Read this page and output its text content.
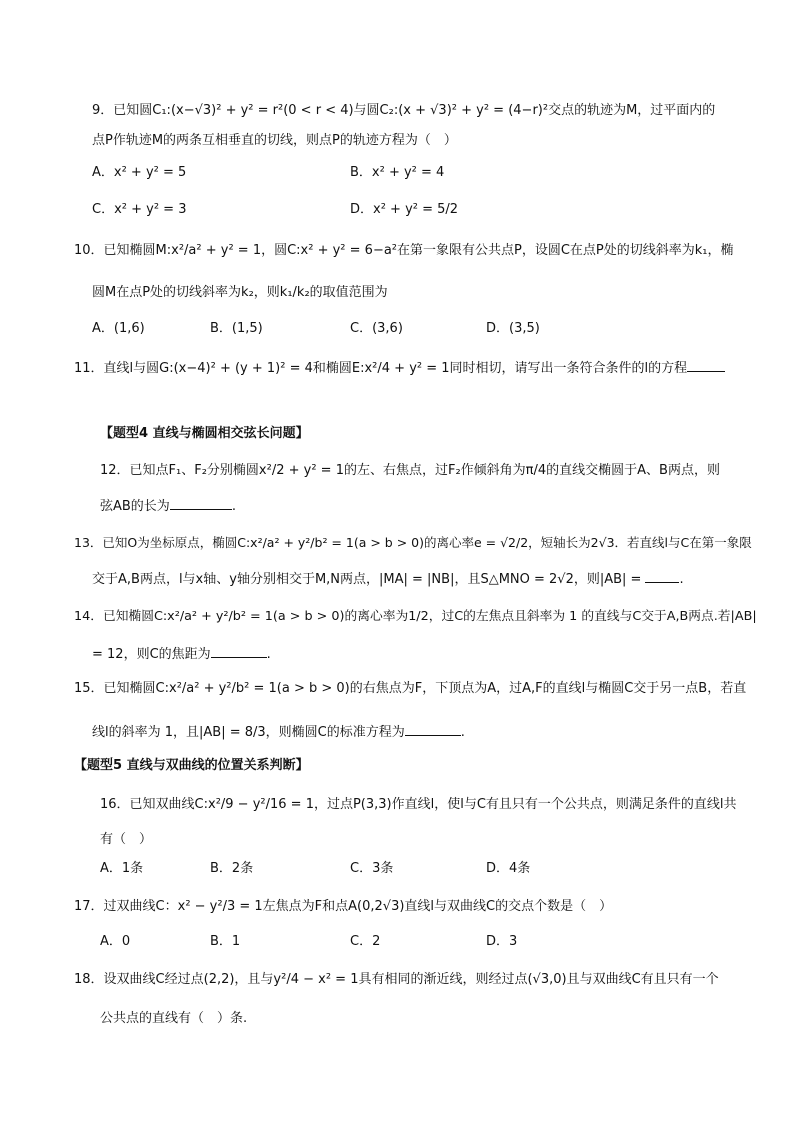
9．已知圆C₁:(x−√3)² + y² = r²(0 < r < 4)与圆C₂:(x + √3)² + y² = (4−r)²交点的轨迹为M，过平面内的
点P作轨迹M的两条互相垂直的切线，则点P的轨迹方程为（　）
A．x² + y² = 5	B．x² + y² = 4
C．x² + y² = 3	D．x² + y² = 5/2
10．已知椭圆M:x²/a² + y² = 1，圆C:x² + y² = 6−a²在第一象限有公共点P，设圆C在点P处的切线斜率为k₁，椭
圆M在点P处的切线斜率为k₂，则k₁/k₂的取值范围为
A．(1,6)	B．(1,5)	C．(3,6)	D．(3,5)
11．直线l与圆G:(x−4)² + (y + 1)² = 4和椭圆E:x²/4 + y² = 1同时相切，请写出一条符合条件的l的方程
【题型4 直线与椭圆相交弦长问题】
12．已知点F₁、F₂分别椭圆x²/2 + y² = 1的左、右焦点，过F₂作倾斜角为π/4的直线交椭圆于A、B两点，则
弦AB的长为	.
13．已知O为坐标原点，椭圆C:x²/a² + y²/b² = 1(a > b > 0)的离心率e = √2/2，短轴长为2√3．若直线l与C在第一象限
交于A,B两点，l与x轴、y轴分别相交于M,N两点，|MA| = |NB|，且S△MNO = 2√2，则|AB| =	.
14．已知椭圆C:x²/a² + y²/b² = 1(a > b > 0)的离心率为1/2，过C的左焦点且斜率为 1 的直线与C交于A,B两点.若|AB|
= 12，则C的焦距为	.
15．已知椭圆C:x²/a² + y²/b² = 1(a > b > 0)的右焦点为F，下顶点为A，过A,F的直线l与椭圆C交于另一点B，若直
线l的斜率为 1，且|AB| = 8/3，则椭圆C的标准方程为	.
【题型5 直线与双曲线的位置关系判断】
16．已知双曲线C:x²/9 − y²/16 = 1，过点P(3,3)作直线l，使l与C有且只有一个公共点，则满足条件的直线l共
有（　）
A．1条	B．2条	C．3条	D．4条
17．过双曲线C：x² − y²/3 = 1左焦点为F和点A(0,2√3)直线l与双曲线C的交点个数是（　）
A．0	B．1	C．2	D．3
18．设双曲线C经过点(2,2)，且与y²/4 − x² = 1具有相同的渐近线，则经过点(√3,0)且与双曲线C有且只有一个
公共点的直线有（　）条.
